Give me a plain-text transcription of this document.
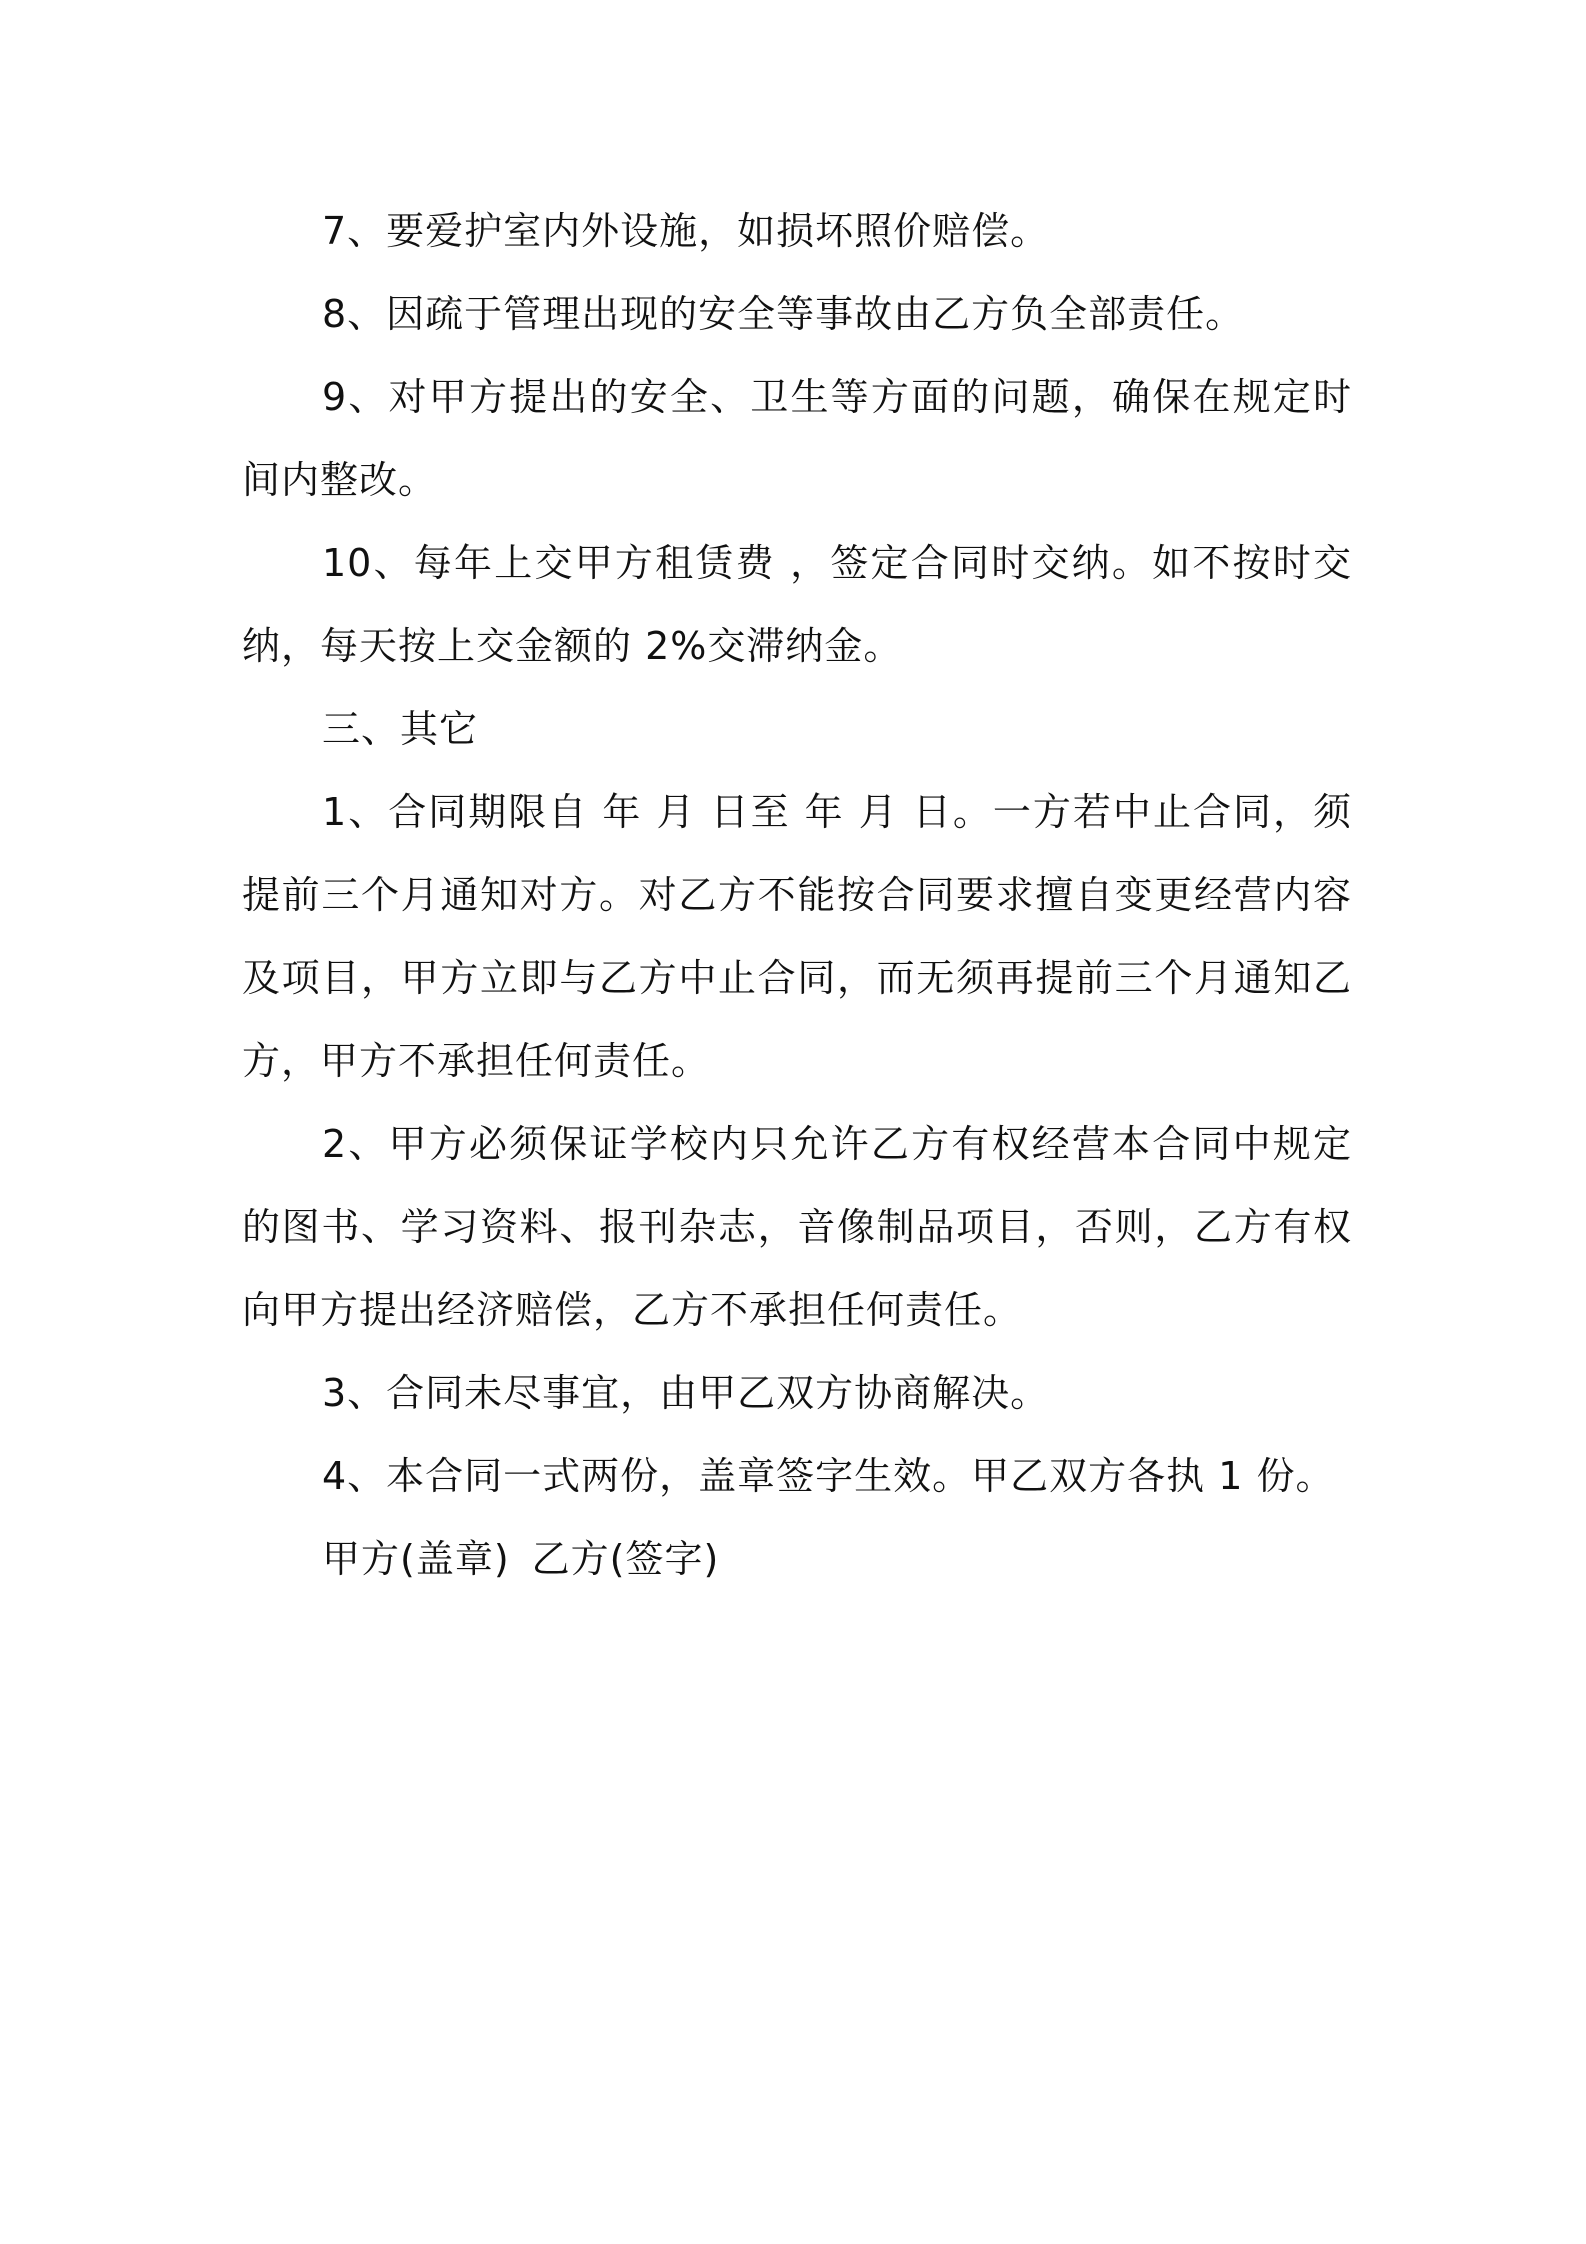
7、要爱护室内外设施，如损坏照价赔偿。

8、因疏于管理出现的安全等事故由乙方负全部责任。

9、对甲方提出的安全、卫生等方面的问题，确保在规定时间内整改。

10、每年上交甲方租赁费 ，签定合同时交纳。如不按时交纳，每天按上交金额的 2%交滞纳金。

三、其它

1、合同期限自 年 月 日至 年 月 日。一方若中止合同，须提前三个月通知对方。对乙方不能按合同要求擅自变更经营内容及项目，甲方立即与乙方中止合同，而无须再提前三个月通知乙方，甲方不承担任何责任。

2、甲方必须保证学校内只允许乙方有权经营本合同中规定的图书、学习资料、报刊杂志，音像制品项目，否则，乙方有权向甲方提出经济赔偿，乙方不承担任何责任。

3、合同未尽事宜，由甲乙双方协商解决。

4、本合同一式两份，盖章签字生效。甲乙双方各执 1 份。

甲方(盖章) 乙方(签字)
